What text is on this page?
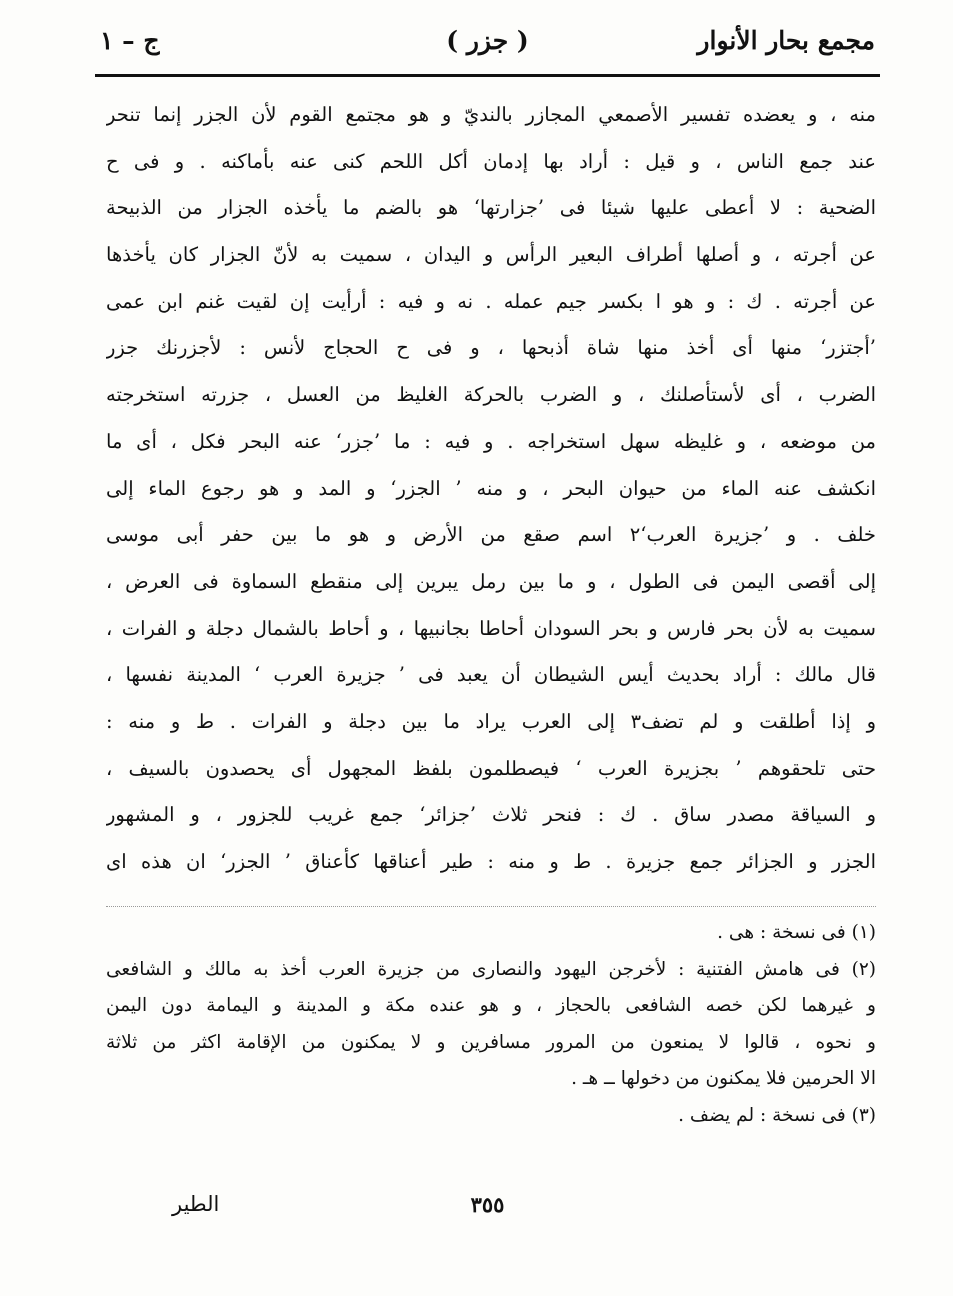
مجمع بحار الأنوار
( جزر )
ج – ١

منه ، و يعضده تفسير الأصمعي المجازر بالنديّ و هو مجتمع القوم لأن الجزر إنما تنحر

عند جمع الناس ، و قيل : أراد بها إدمان أكل اللحم كنى عنه بأماكنه . و فى ح

الضحية : لا أعطى عليها شيئا فى ’جزارتها‘ هو بالضم ما يأخذه الجزار من الذبيحة

عن أجرته ، و أصلها أطراف البعير الرأس و اليدان ، سميت به لأنّ الجزار كان يأخذها

عن أجرته . ك : و هو ا بكسر جيم عمله . نه و فيه : أرأيت إن لقيت غنم ابن عمى

’أجتزر‘ منها أى أخذ منها شاة أذبحها ، و فى ح الحجاج لأنس : لأجزرنك جزر

الضرب ، أى لأستأصلنك ، و الضرب بالحركة الغليظ من العسل ، جزرته استخرجته

من موضعه ، و غليظه سهل استخراجه . و فيه : ما ’جزر‘ عنه البحر فكل ، أى ما

انكشف عنه الماء من حيوان البحر ، و منه ’ الجزر‘ و المد و هو رجوع الماء إلى

خلف . و ’جزيرة العرب‘٢ اسم صقع من الأرض و هو ما بين حفر أبى موسى

إلى أقصى اليمن فى الطول ، و ما بين رمل يبرين إلى منقطع السماوة فى العرض ،

سميت به لأن بحر فارس و بحر السودان أحاطا بجانبيها ، و أحاط بالشمال دجلة و الفرات ،

قال مالك : أراد بحديث أيس الشيطان أن يعبد فى ’ جزيرة العرب ‘ المدينة نفسها ،

و إذا أطلقت و لم تضف٣ إلى العرب يراد ما بين دجلة و الفرات . ط و منه :

حتى تلحقوهم ’ بجزيرة العرب ‘ فيصطلمون بلفظ المجهول أى يحصدون بالسيف ،

و السياقة مصدر ساق . ك : فنحر ثلاث ’جزائر‘ جمع غريب للجزور ، و المشهور

الجزر و الجزائر جمع جزيرة . ط و منه : طير أعناقها كأعناق ’ الجزر‘ ان هذه اى

(١) فى نسخة : هى .

(٢) فى هامش الفتنية : لأخرجن اليهود والنصارى من جزيرة العرب أخذ به مالك و الشافعى

و غيرهما لكن خصه الشافعى بالحجاز ، و هو عنده مكة و المدينة و اليمامة دون اليمن

و نحوه ، قالوا لا يمنعون من المرور مسافرين و لا يمكنون من الإقامة اكثر من ثلاثة

الا الحرمين فلا يمكنون من دخولها ــ هـ .

(٣) فى نسخة : لم يضف .

٣٥٥
الطير
